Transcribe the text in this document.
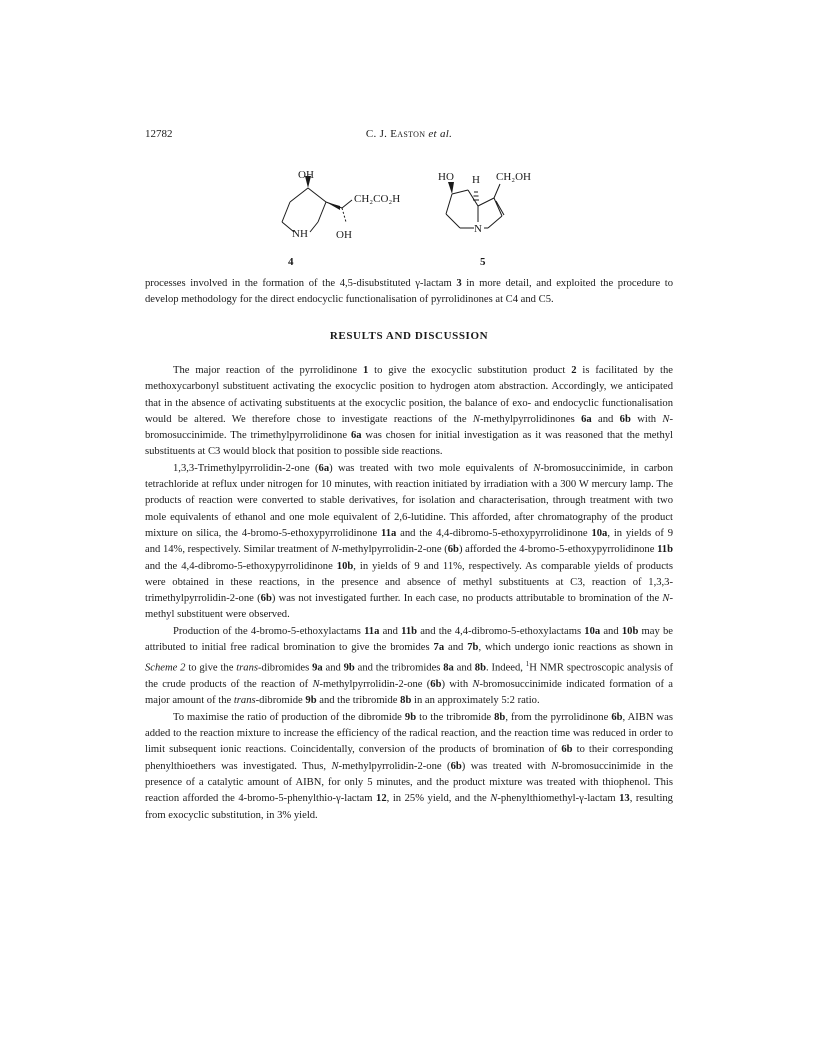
12782	C. J. Easton et al.
OH
CH₂CO₂H
NH	OH
4
HO H CH₂OH
N
5

processes involved in the formation of the 4,5-disubstituted γ-lactam 3 in more detail, and exploited the procedure to develop methodology for the direct endocyclic functionalisation of pyrrolidinones at C4 and C5.

RESULTS AND DISCUSSION

The major reaction of the pyrrolidinone 1 to give the exocyclic substitution product 2 is facilitated by the methoxycarbonyl substituent activating the exocyclic position to hydrogen atom abstraction. Accordingly, we anticipated that in the absence of activating substituents at the exocyclic position, the balance of exo- and endocyclic functionalisation would be altered. We therefore chose to investigate reactions of the N-methylpyrrolidinones 6a and 6b with N-bromosuccinimide. The trimethylpyrrolidinone 6a was chosen for initial investigation as it was reasoned that the methyl substituents at C3 would block that position to possible side reactions.

1,3,3-Trimethylpyrrolidin-2-one (6a) was treated with two mole equivalents of N-bromosuccinimide, in carbon tetrachloride at reflux under nitrogen for 10 minutes, with reaction initiated by irradiation with a 300 W mercury lamp. The products of reaction were converted to stable derivatives, for isolation and characterisation, through treatment with two mole equivalents of ethanol and one mole equivalent of 2,6-lutidine. This afforded, after chromatography of the product mixture on silica, the 4-bromo-5-ethoxypyrrolidinone 11a and the 4,4-dibromo-5-ethoxypyrrolidinone 10a, in yields of 9 and 14%, respectively. Similar treatment of N-methylpyrrolidin-2-one (6b) afforded the 4-bromo-5-ethoxypyrrolidinone 11b and the 4,4-dibromo-5-ethoxypyrrolidinone 10b, in yields of 9 and 11%, respectively. As comparable yields of products were obtained in these reactions, in the presence and absence of methyl substituents at C3, reaction of 1,3,3-trimethylpyrrolidin-2-one (6b) was not investigated further. In each case, no products attributable to bromination of the N-methyl substituent were observed.

Production of the 4-bromo-5-ethoxylactams 11a and 11b and the 4,4-dibromo-5-ethoxylactams 10a and 10b may be attributed to initial free radical bromination to give the bromides 7a and 7b, which undergo ionic reactions as shown in Scheme 2 to give the trans-dibromides 9a and 9b and the tribromides 8a and 8b. Indeed, $^1$H NMR spectroscopic analysis of the crude products of the reaction of N-methylpyrrolidin-2-one (6b) with N-bromosuccinimide indicated formation of a major amount of the trans-dibromide 9b and the tribromide 8b in an approximately 5:2 ratio.

To maximise the ratio of production of the dibromide 9b to the tribromide 8b, from the pyrrolidinone 6b, AIBN was added to the reaction mixture to increase the efficiency of the radical reaction, and the reaction time was reduced in order to limit subsequent ionic reactions. Coincidentally, conversion of the products of bromination of 6b to their corresponding phenylthioethers was investigated. Thus, N-methylpyrrolidin-2-one (6b) was treated with N-bromosuccinimide in the presence of a catalytic amount of AIBN, for only 5 minutes, and the product mixture was treated with thiophenol. This reaction afforded the 4-bromo-5-phenylthio-γ-lactam 12, in 25% yield, and the N-phenylthiomethyl-γ-lactam 13, resulting from exocyclic substitution, in 3% yield.
